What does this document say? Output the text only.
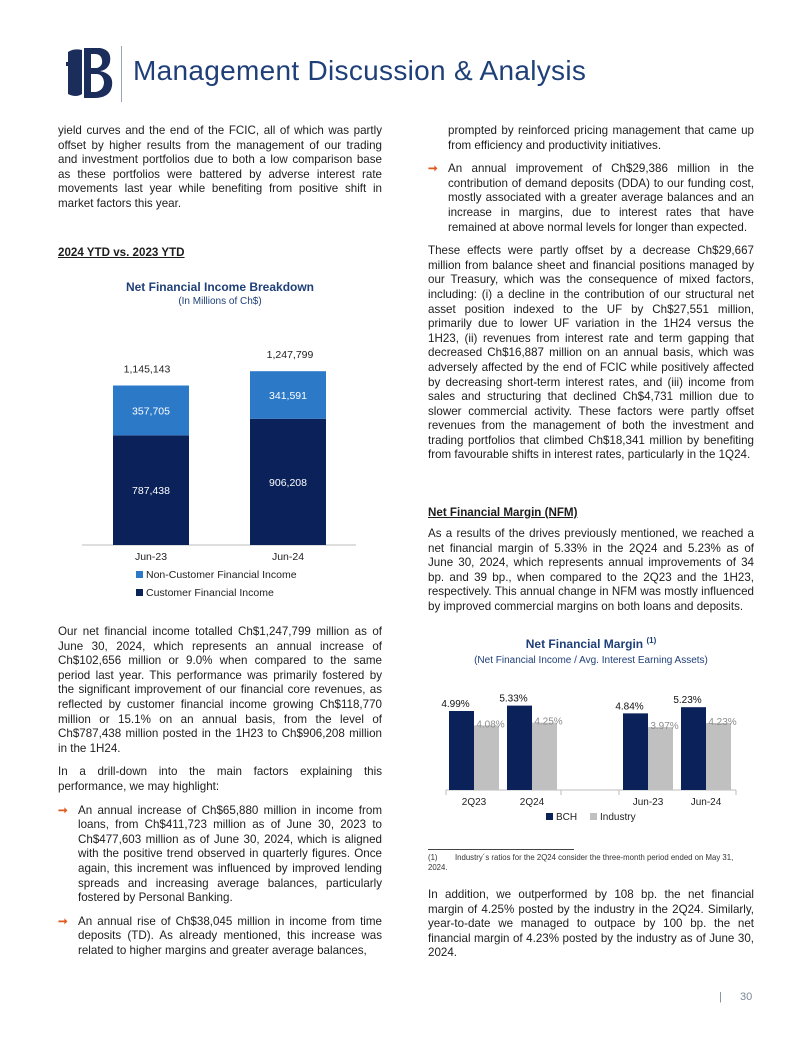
Management Discussion & Analysis

yield curves and the end of the FCIC, all of which was partly offset by higher results from the management of our trading and investment portfolios due to both a low comparison base as these portfolios were battered by adverse interest rate movements last year while benefiting from positive shift in market factors this year.

2024 YTD vs. 2023 YTD
Net Financial Income Breakdown
(In Millions of Ch$)
787,438
357,705
1,145,143
Jun-23
906,208
341,591
1,247,799
Jun-24
Non-Customer Financial Income
Customer Financial Income

Our net financial income totalled Ch$1,247,799 million as of June 30, 2024, which represents an annual increase of Ch$102,656 million or 9.0% when compared to the same period last year. This performance was primarily fostered by the significant improvement of our financial core revenues, as reflected by customer financial income growing Ch$118,770 million or 15.1% on an annual basis, from the level of Ch$787,438 million posted in the 1H23 to Ch$906,208 million in the 1H24.

In a drill-down into the main factors explaining this performance, we may highlight:

➞ An annual increase of Ch$65,880 million in income from loans, from Ch$411,723 million as of June 30, 2023 to Ch$477,603 million as of June 30, 2024, which is aligned with the positive trend observed in quarterly figures. Once again, this increment was influenced by improved lending spreads and increasing average balances, particularly fostered by Personal Banking.
➞ An annual rise of Ch$38,045 million in income from time deposits (TD). As already mentioned, this increase was related to higher margins and greater average balances,

prompted by reinforced pricing management that came up from efficiency and productivity initiatives.

➞ An annual improvement of Ch$29,386 million in the contribution of demand deposits (DDA) to our funding cost, mostly associated with a greater average balances and an increase in margins, due to interest rates that have remained at above normal levels for longer than expected.

These effects were partly offset by a decrease Ch$29,667 million from balance sheet and financial positions managed by our Treasury, which was the consequence of mixed factors, including: (i) a decline in the contribution of our structural net asset position indexed to the UF by Ch$27,551 million, primarily due to lower UF variation in the 1H24 versus the 1H23, (ii) revenues from interest rate and term gapping that decreased Ch$16,887 million on an annual basis, which was adversely affected by the end of FCIC while positively affected by decreasing short-term interest rates, and (iii) income from sales and structuring that declined Ch$4,731 million due to slower commercial activity. These factors were partly offset revenues from the management of both the investment and trading portfolios that climbed Ch$18,341 million by benefiting from favourable shifts in interest rates, particularly in the 1Q24.

Net Financial Margin (NFM)

As a results of the drives previously mentioned, we reached a net financial margin of 5.33% in the 2Q24 and 5.23% as of June 30, 2024, which represents annual improvements of 34 bp. and 39 bp., when compared to the 2Q23 and the 1H23, respectively. This annual change in NFM was mostly influenced by improved commercial margins on both loans and deposits.

Net Financial Margin $^{(1)}$
(Net Financial Income / Avg. Interest Earning Assets)
4.99%
4.08%
2Q23
5.33%
4.25%
2Q24
4.84%
3.97%
Jun-23
5.23%
4.23%
Jun-24
BCH Industry
(1) Industry´s ratios for the 2Q24 consider the three-month period ended on May 31, 2024.

In addition, we outperformed by 108 bp. the net financial margin of 4.25% posted by the industry in the 2Q24. Similarly, year-to-date we managed to outpace by 100 bp. the net financial margin of 4.23% posted by the industry as of June 30, 2024.

| 30
